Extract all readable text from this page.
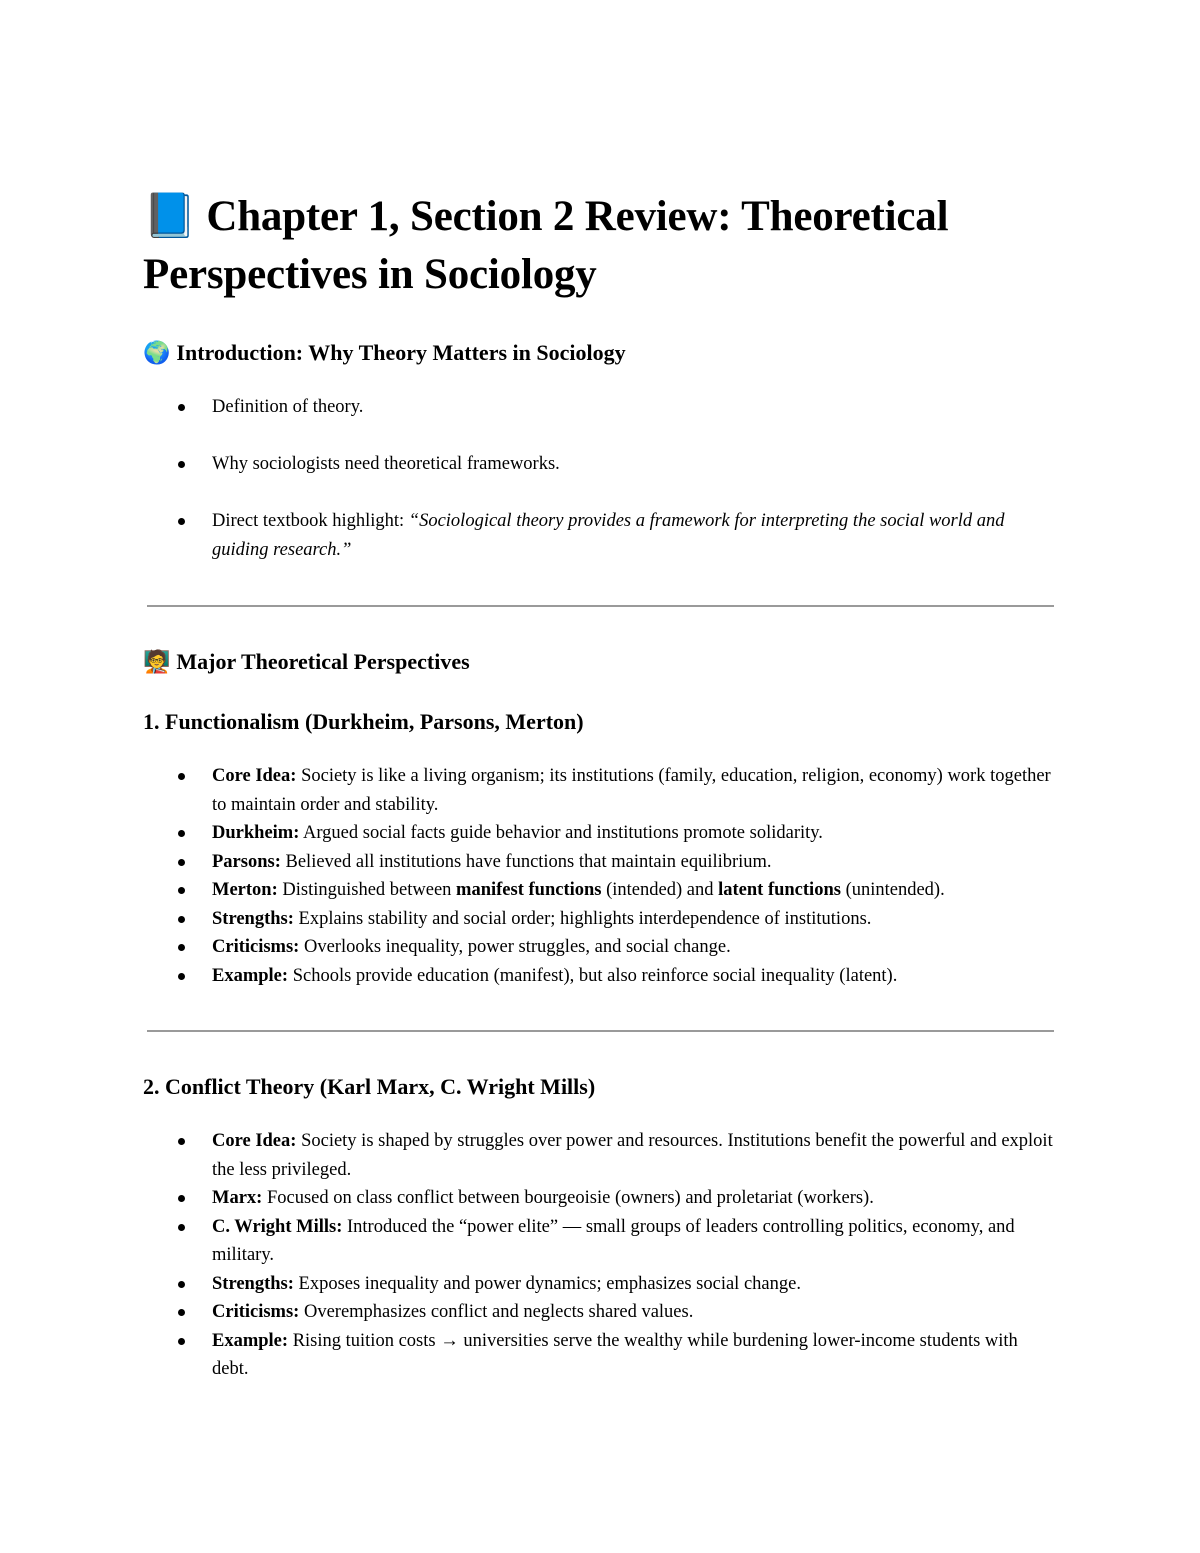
📘 Chapter 1, Section 2 Review: Theoretical Perspectives in Sociology
🌍 Introduction: Why Theory Matters in Sociology
Definition of theory.
Why sociologists need theoretical frameworks.
Direct textbook highlight: “Sociological theory provides a framework for interpreting the social world and guiding research.”
🧑‍🏫 Major Theoretical Perspectives
1. Functionalism (Durkheim, Parsons, Merton)
Core Idea: Society is like a living organism; its institutions (family, education, religion, economy) work together to maintain order and stability.
Durkheim: Argued social facts guide behavior and institutions promote solidarity.
Parsons: Believed all institutions have functions that maintain equilibrium.
Merton: Distinguished between manifest functions (intended) and latent functions (unintended).
Strengths: Explains stability and social order; highlights interdependence of institutions.
Criticisms: Overlooks inequality, power struggles, and social change.
Example: Schools provide education (manifest), but also reinforce social inequality (latent).
2. Conflict Theory (Karl Marx, C. Wright Mills)
Core Idea: Society is shaped by struggles over power and resources. Institutions benefit the powerful and exploit the less privileged.
Marx: Focused on class conflict between bourgeoisie (owners) and proletariat (workers).
C. Wright Mills: Introduced the “power elite” — small groups of leaders controlling politics, economy, and military.
Strengths: Exposes inequality and power dynamics; emphasizes social change.
Criticisms: Overemphasizes conflict and neglects shared values.
Example: Rising tuition costs → universities serve the wealthy while burdening lower-income students with debt.
